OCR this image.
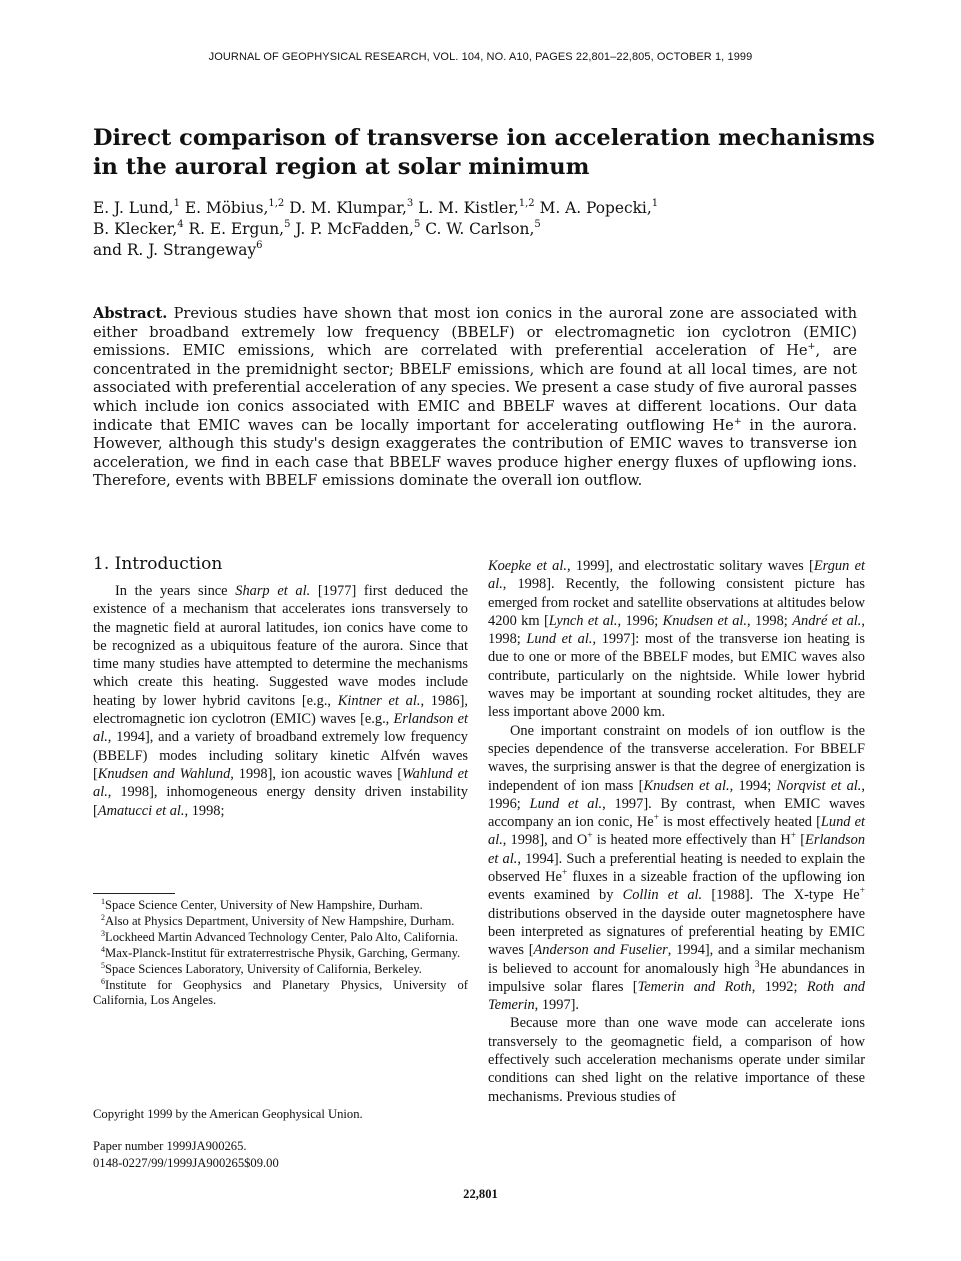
JOURNAL OF GEOPHYSICAL RESEARCH, VOL. 104, NO. A10, PAGES 22,801–22,805, OCTOBER 1, 1999
Direct comparison of transverse ion acceleration mechanisms in the auroral region at solar minimum
E. J. Lund,$^1$ E. Möbius,$^{1,2}$ D. M. Klumpar,$^3$ L. M. Kistler,$^{1,2}$ M. A. Popecki,$^1$
B. Klecker,$^4$ R. E. Ergun,$^5$ J. P. McFadden,$^5$ C. W. Carlson,$^5$
and R. J. Strangeway$^6$
Abstract. Previous studies have shown that most ion conics in the auroral zone are associated with either broadband extremely low frequency (BBELF) or electromagnetic ion cyclotron (EMIC) emissions. EMIC emissions, which are correlated with preferential acceleration of He+, are concentrated in the premidnight sector; BBELF emissions, which are found at all local times, are not associated with preferential acceleration of any species. We present a case study of five auroral passes which include ion conics associated with EMIC and BBELF waves at different locations. Our data indicate that EMIC waves can be locally important for accelerating outflowing He+ in the aurora. However, although this study's design exaggerates the contribution of EMIC waves to transverse ion acceleration, we find in each case that BBELF waves produce higher energy fluxes of upflowing ions. Therefore, events with BBELF emissions dominate the overall ion outflow.
1. Introduction

In the years since Sharp et al. [1977] first deduced the existence of a mechanism that accelerates ions transversely to the magnetic field at auroral latitudes, ion conics have come to be recognized as a ubiquitous feature of the aurora. Since that time many studies have attempted to determine the mechanisms which create this heating. Suggested wave modes include heating by lower hybrid cavitons [e.g., Kintner et al., 1986], electromagnetic ion cyclotron (EMIC) waves [e.g., Erlandson et al., 1994], and a variety of broadband extremely low frequency (BBELF) modes including solitary kinetic Alfvén waves [Knudsen and Wahlund, 1998], ion acoustic waves [Wahlund et al., 1998], inhomogeneous energy density driven instability [Amatucci et al., 1998;

$^1$Space Science Center, University of New Hampshire, Durham.

$^2$Also at Physics Department, University of New Hampshire, Durham.

$^3$Lockheed Martin Advanced Technology Center, Palo Alto, California.

$^4$Max-Planck-Institut für extraterrestrische Physik, Garching, Germany.

$^5$Space Sciences Laboratory, University of California, Berkeley.

$^6$Institute for Geophysics and Planetary Physics, University of California, Los Angeles.

Copyright 1999 by the American Geophysical Union.
Paper number 1999JA900265.
0148-0227/99/1999JA900265$09.00

Koepke et al., 1999], and electrostatic solitary waves [Ergun et al., 1998]. Recently, the following consistent picture has emerged from rocket and satellite observations at altitudes below 4200 km [Lynch et al., 1996; Knudsen et al., 1998; André et al., 1998; Lund et al., 1997]: most of the transverse ion heating is due to one or more of the BBELF modes, but EMIC waves also contribute, particularly on the nightside. While lower hybrid waves may be important at sounding rocket altitudes, they are less important above 2000 km.

One important constraint on models of ion outflow is the species dependence of the transverse acceleration. For BBELF waves, the surprising answer is that the degree of energization is independent of ion mass [Knudsen et al., 1994; Norqvist et al., 1996; Lund et al., 1997]. By contrast, when EMIC waves accompany an ion conic, He+ is most effectively heated [Lund et al., 1998], and O+ is heated more effectively than H+ [Erlandson et al., 1994]. Such a preferential heating is needed to explain the observed He+ fluxes in a sizeable fraction of the upflowing ion events examined by Collin et al. [1988]. The X-type He+ distributions observed in the dayside outer magnetosphere have been interpreted as signatures of preferential heating by EMIC waves [Anderson and Fuselier, 1994], and a similar mechanism is believed to account for anomalously high $^3$He abundances in impulsive solar flares [Temerin and Roth, 1992; Roth and Temerin, 1997].

Because more than one wave mode can accelerate ions transversely to the geomagnetic field, a comparison of how effectively such acceleration mechanisms operate under similar conditions can shed light on the relative importance of these mechanisms. Previous studies of

22,801
